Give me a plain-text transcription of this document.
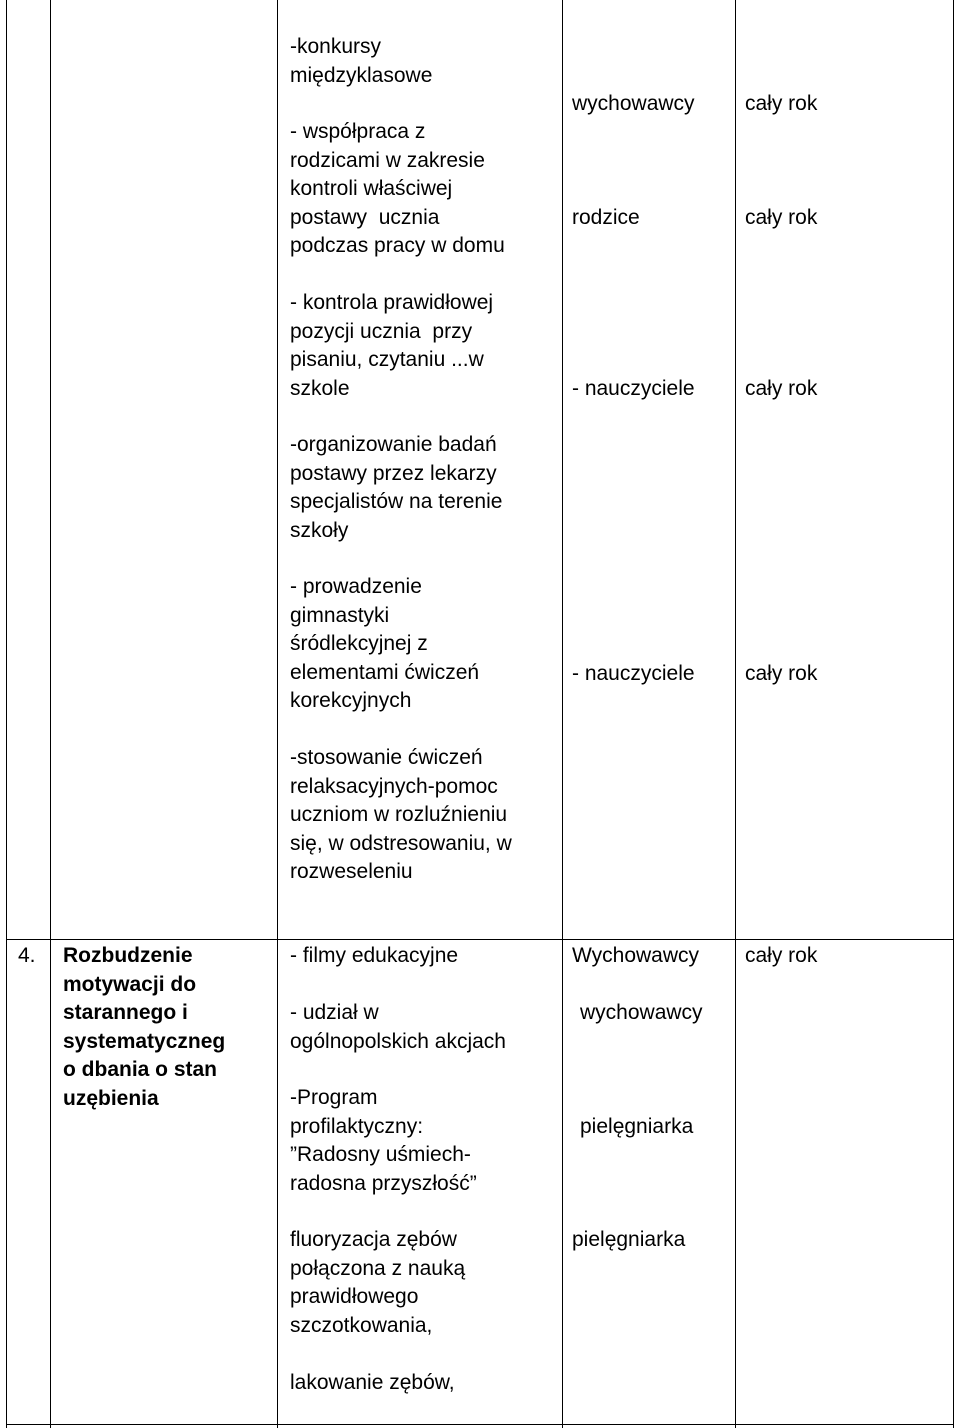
-konkursy
międzyklasowe
- współpraca z
rodzicami w zakresie
kontroli właściwej
postawy  ucznia
podczas pracy w domu
- kontrola prawidłowej
pozycji ucznia  przy
pisaniu, czytaniu ...w
szkole
-organizowanie badań
postawy przez lekarzy
specjalistów na terenie
szkoły
- prowadzenie
gimnastyki
śródlekcyjnej z
elementami ćwiczeń
korekcyjnych
-stosowanie ćwiczeń
relaksacyjnych-pomoc
uczniom w rozluźnieniu
się, w odstresowaniu, w
rozweseleniu
wychowawcy
rodzice
- nauczyciele
- nauczyciele
cały rok
cały rok
cały rok
cały rok
4. Rozbudzenie
motywacji do
starannego i
systematyczneg
o dbania o stan
uzębienia
- filmy edukacyjne
- udział w
ogólnopolskich akcjach
-Program
profilaktyczny:
”Radosny uśmiech-
radosna przyszłość”
fluoryzacja zębów
połączona z nauką
prawidłowego
szczotkowania,
lakowanie zębów,
Wychowawcy
wychowawcy
pielęgniarka
pielęgniarka
cały rok
